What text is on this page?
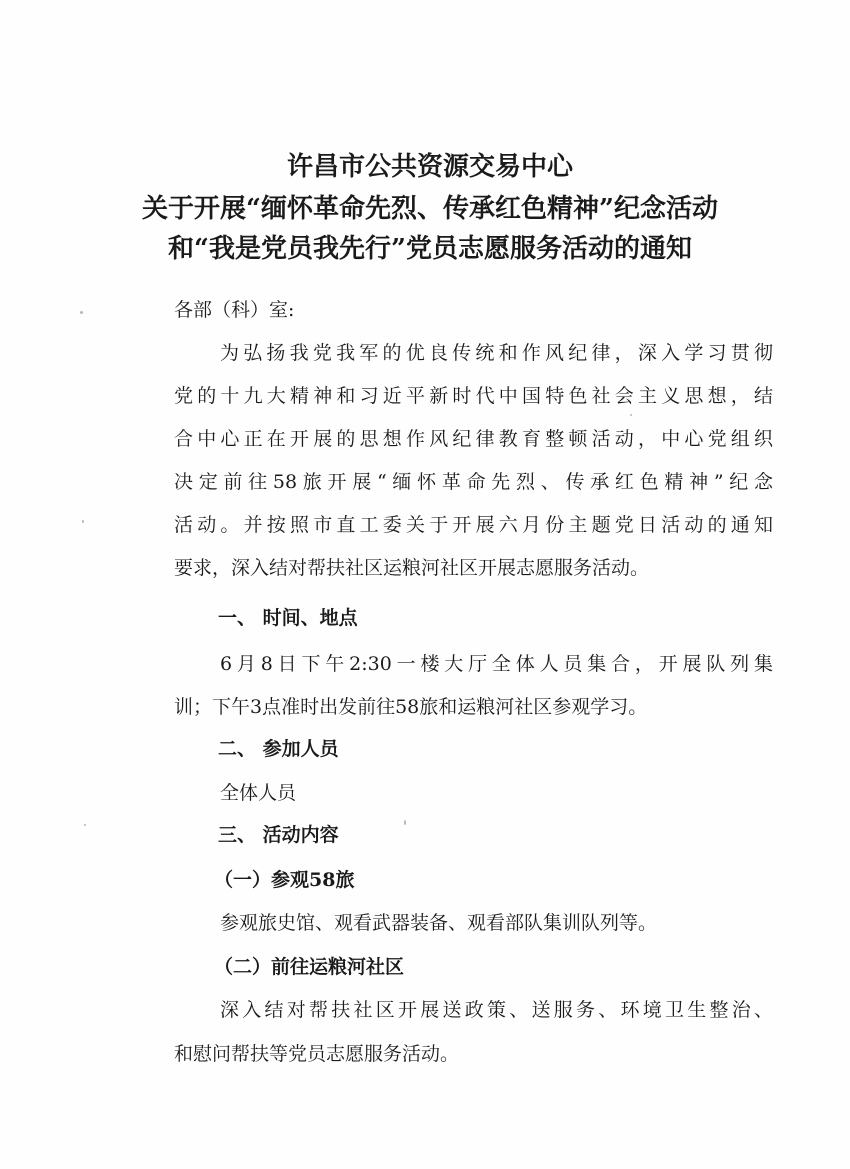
许昌市公共资源交易中心
关于开展“缅怀革命先烈、传承红色精神”纪念活动
和“我是党员我先行”党员志愿服务活动的通知
各部（科）室:
为弘扬我党我军的优良传统和作风纪律，深入学习贯彻
党的十九大精神和习近平新时代中国特色社会主义思想，结
合中心正在开展的思想作风纪律教育整顿活动，中心党组织
决定前往58旅开展“缅怀革命先烈、传承红色精神”纪念
活动。并按照市直工委关于开展六月份主题党日活动的通知
要求，深入结对帮扶社区运粮河社区开展志愿服务活动。
一、 时间、地点
6月8日下午2:30一楼大厅全体人员集合，开展队列集
训；下午3点准时出发前往58旅和运粮河社区参观学习。
二、 参加人员
全体人员
三、 活动内容
（一）参观58旅
参观旅史馆、观看武器装备、观看部队集训队列等。
（二）前往运粮河社区
深入结对帮扶社区开展送政策、送服务、环境卫生整治、
和慰问帮扶等党员志愿服务活动。
